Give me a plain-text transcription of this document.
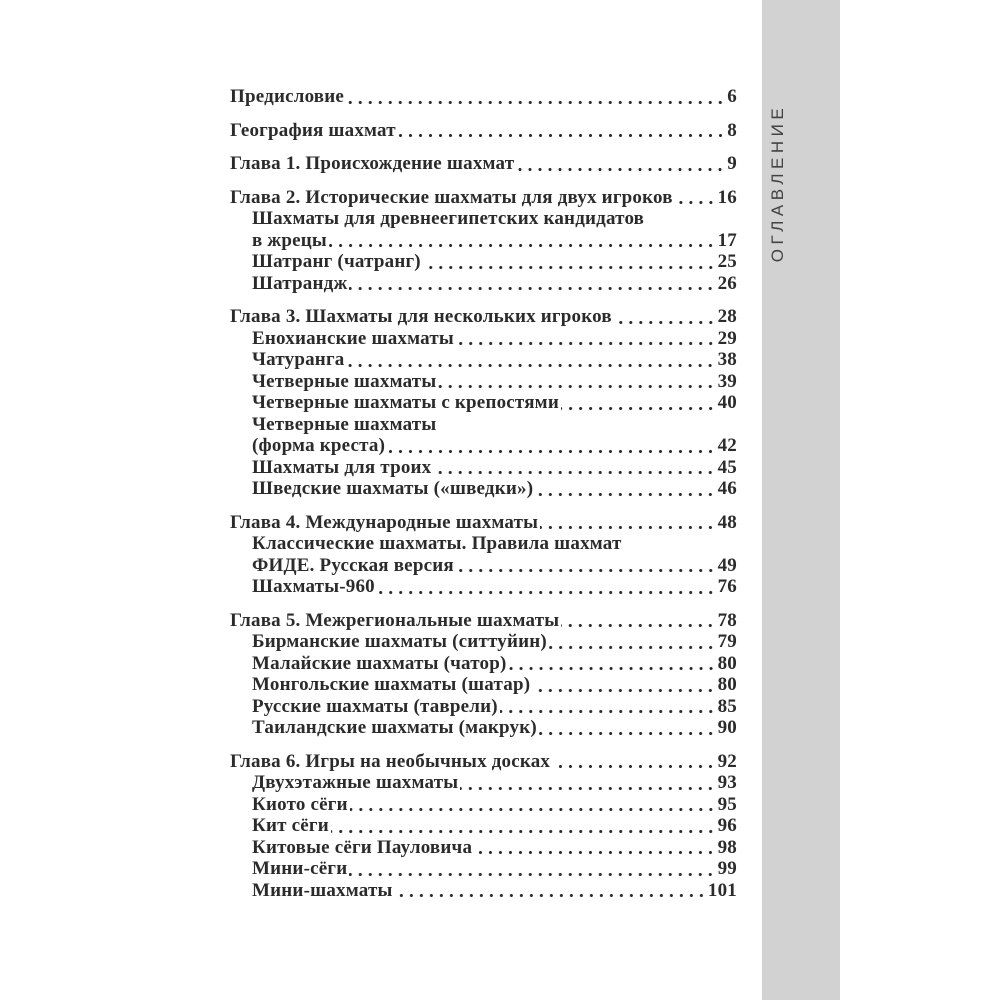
Предисловие	6
География шахмат	8
Глава 1. Происхождение шахмат	9
Глава 2. Исторические шахматы для двух игроков 16
Шахматы для древнеегипетских кандидатов
в жрецы	17
Шатранг (чатранг)	25
Шатрандж	26
Глава 3. Шахматы для нескольких игроков	28
Енохианские шахматы	29
Чатуранга	38
Четверные шахматы	39
Четверные шахматы с крепостями	40
Четверные шахматы
(форма креста)	42
Шахматы для троих	45
Шведские шахматы («шведки»)	46
Глава 4. Международные шахматы	48
Классические шахматы. Правила шахмат
ФИДЕ. Русская версия	49
Шахматы-960	76
Глава 5. Межрегиональные шахматы	78
Бирманские шахматы (ситтуйин)	79
Малайские шахматы (чатор)	80
Монгольские шахматы (шатар)	80
Русские шахматы (таврели)	85
Таиландские шахматы (макрук)	90
Глава 6. Игры на необычных досках	92
Двухэтажные шахматы	93
Киото сёги	95
Кит сёги	96
Китовые сёги Пауловича	98
Мини-сёги	99
Мини-шахматы	101
ОГЛАВЛЕНИЕ
